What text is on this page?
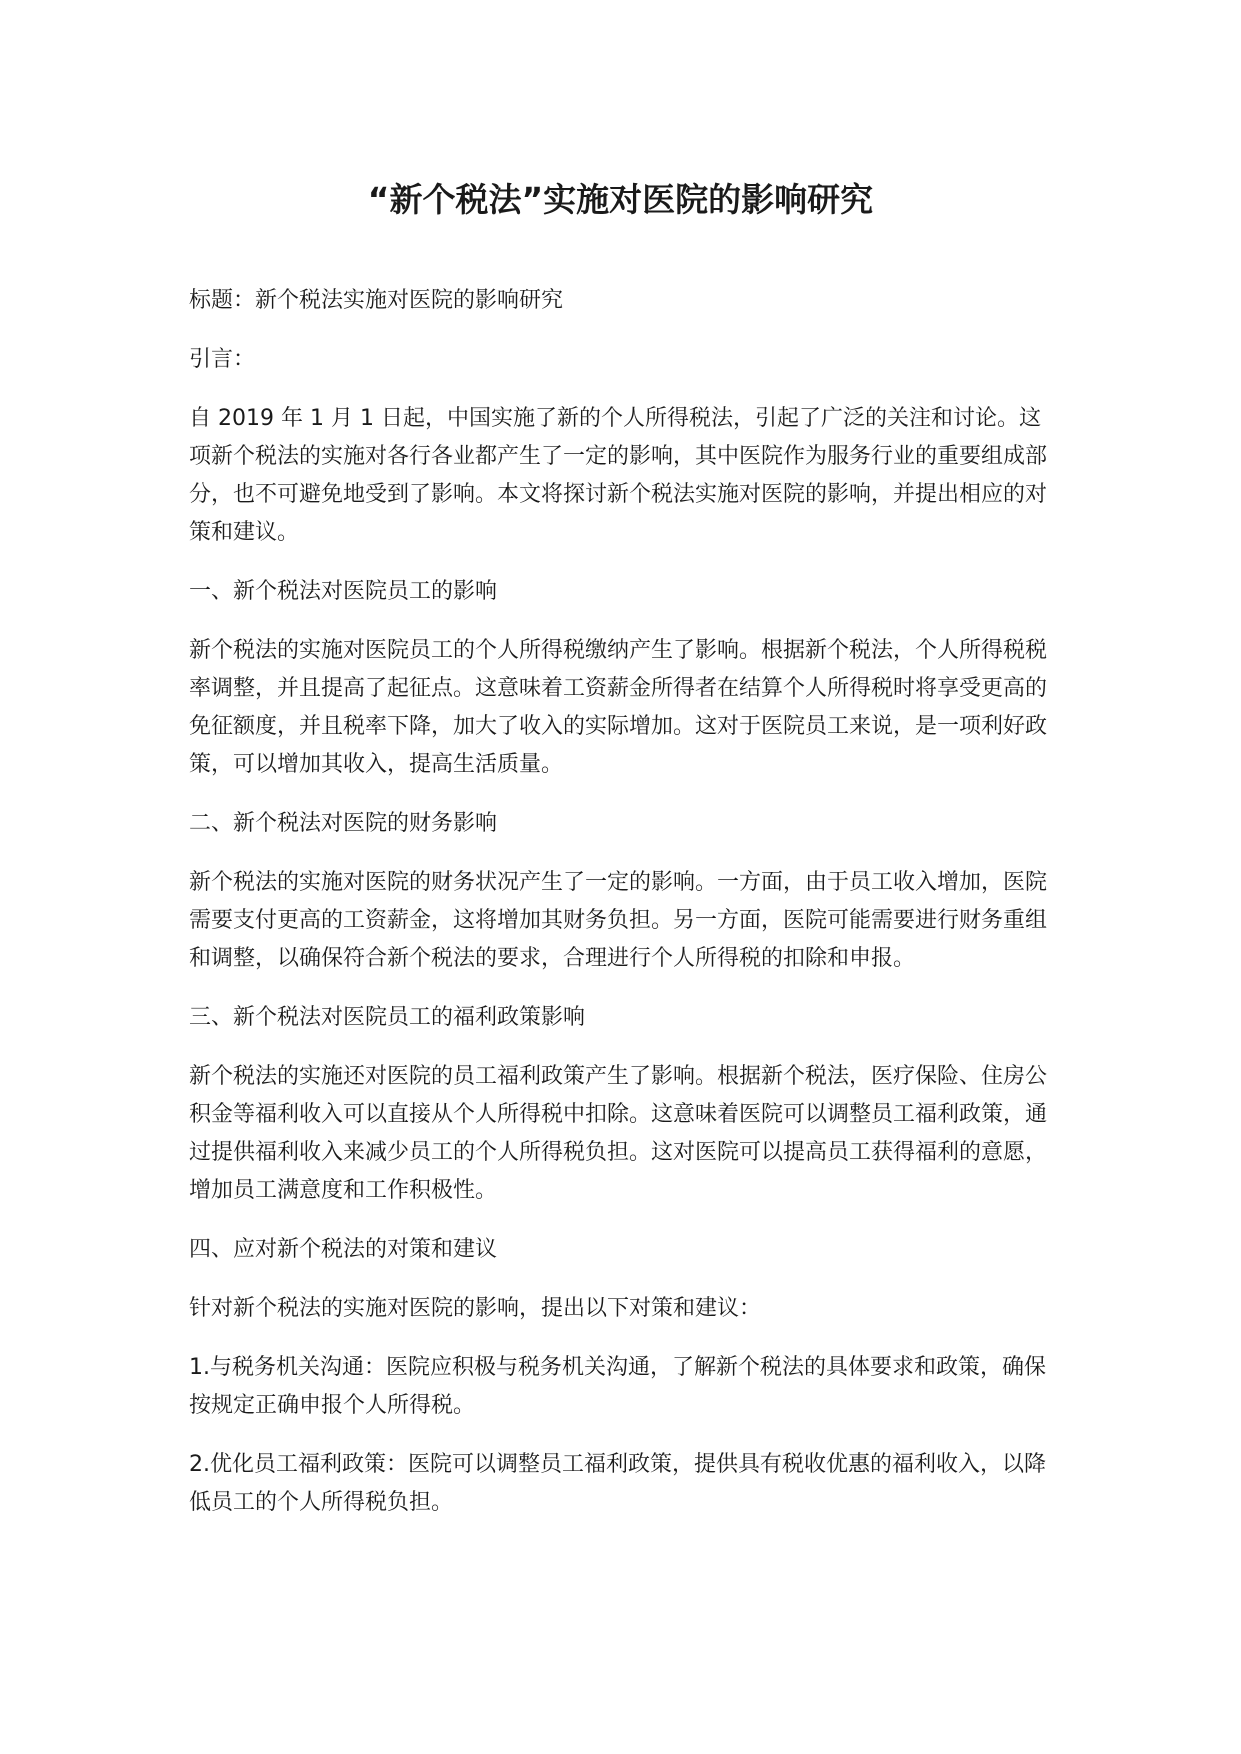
“新个税法”实施对医院的影响研究

标题：新个税法实施对医院的影响研究

引言：

自 2019 年 1 月 1 日起，中国实施了新的个人所得税法，引起了广泛的关注和讨论。这项新个税法的实施对各行各业都产生了一定的影响，其中医院作为服务行业的重要组成部分，也不可避免地受到了影响。本文将探讨新个税法实施对医院的影响，并提出相应的对策和建议。

一、新个税法对医院员工的影响

新个税法的实施对医院员工的个人所得税缴纳产生了影响。根据新个税法，个人所得税税率调整，并且提高了起征点。这意味着工资薪金所得者在结算个人所得税时将享受更高的免征额度，并且税率下降，加大了收入的实际增加。这对于医院员工来说，是一项利好政策，可以增加其收入，提高生活质量。

二、新个税法对医院的财务影响

新个税法的实施对医院的财务状况产生了一定的影响。一方面，由于员工收入增加，医院需要支付更高的工资薪金，这将增加其财务负担。另一方面，医院可能需要进行财务重组和调整，以确保符合新个税法的要求，合理进行个人所得税的扣除和申报。

三、新个税法对医院员工的福利政策影响

新个税法的实施还对医院的员工福利政策产生了影响。根据新个税法，医疗保险、住房公积金等福利收入可以直接从个人所得税中扣除。这意味着医院可以调整员工福利政策，通过提供福利收入来减少员工的个人所得税负担。这对医院可以提高员工获得福利的意愿，增加员工满意度和工作积极性。

四、应对新个税法的对策和建议

针对新个税法的实施对医院的影响，提出以下对策和建议：

1.与税务机关沟通：医院应积极与税务机关沟通，了解新个税法的具体要求和政策，确保按规定正确申报个人所得税。

2.优化员工福利政策：医院可以调整员工福利政策，提供具有税收优惠的福利收入，以降低员工的个人所得税负担。
